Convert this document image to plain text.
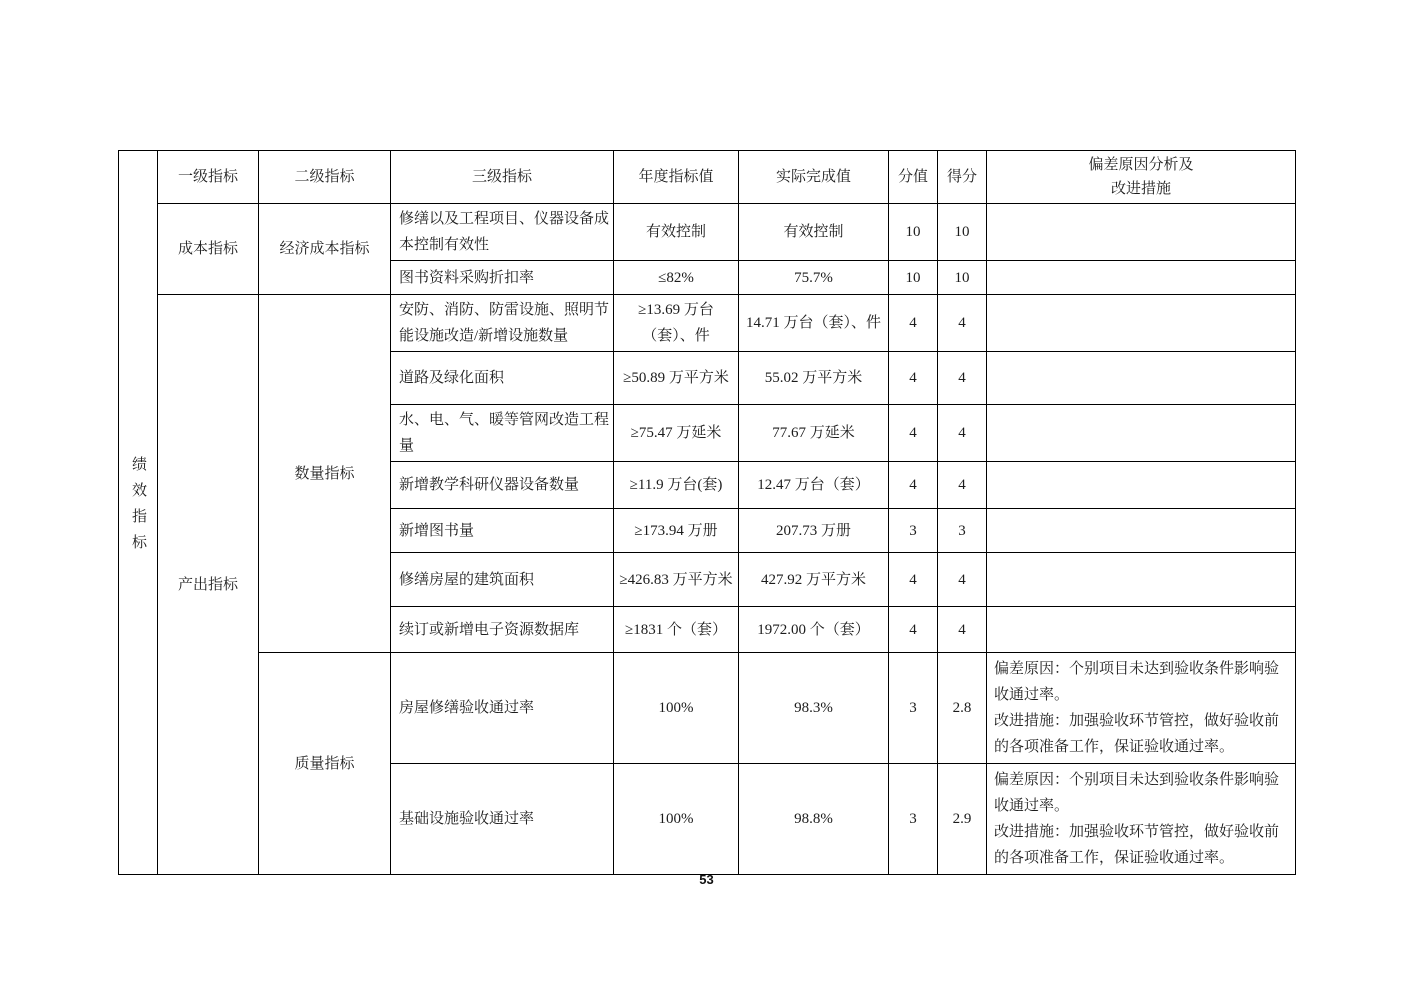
绩效指标	一级指标	二级指标	三级指标	年度指标值	实际完成值	分值	得分	偏差原因分析及
改进措施

	成本指标	经济成本指标	修缮以及工程项目、仪器设备成本控制有效性	有效控制	有效控制	10	10	
			图书资料采购折扣率	≤82%	75.7%	10	10	
	产出指标	数量指标	安防、消防、防雷设施、照明节能设施改造/新增设施数量	≥13.69 万台（套）、件	14.71 万台（套）、件	4	4	
			道路及绿化面积	≥50.89 万平方米	55.02 万平方米	4	4	
			水、电、气、暖等管网改造工程量	≥75.47 万延米	77.67 万延米	4	4	
			新增教学科研仪器设备数量	≥11.9 万台(套)	12.47 万台（套）	4	4	
			新增图书量	≥173.94 万册	207.73 万册	3	3	
			修缮房屋的建筑面积	≥426.83 万平方米	427.92 万平方米	4	4	
			续订或新增电子资源数据库	≥1831 个（套）	1972.00 个（套）	4	4	
		质量指标	房屋修缮验收通过率	100%	98.3%	3	2.8	偏差原因：个别项目未达到验收条件影响验收通过率。
改进措施：加强验收环节管控，做好验收前的各项准备工作，保证验收通过率。

			基础设施验收通过率	100%	98.8%	3	2.9	偏差原因：个别项目未达到验收条件影响验收通过率。
改进措施：加强验收环节管控，做好验收前的各项准备工作，保证验收通过率。
53
